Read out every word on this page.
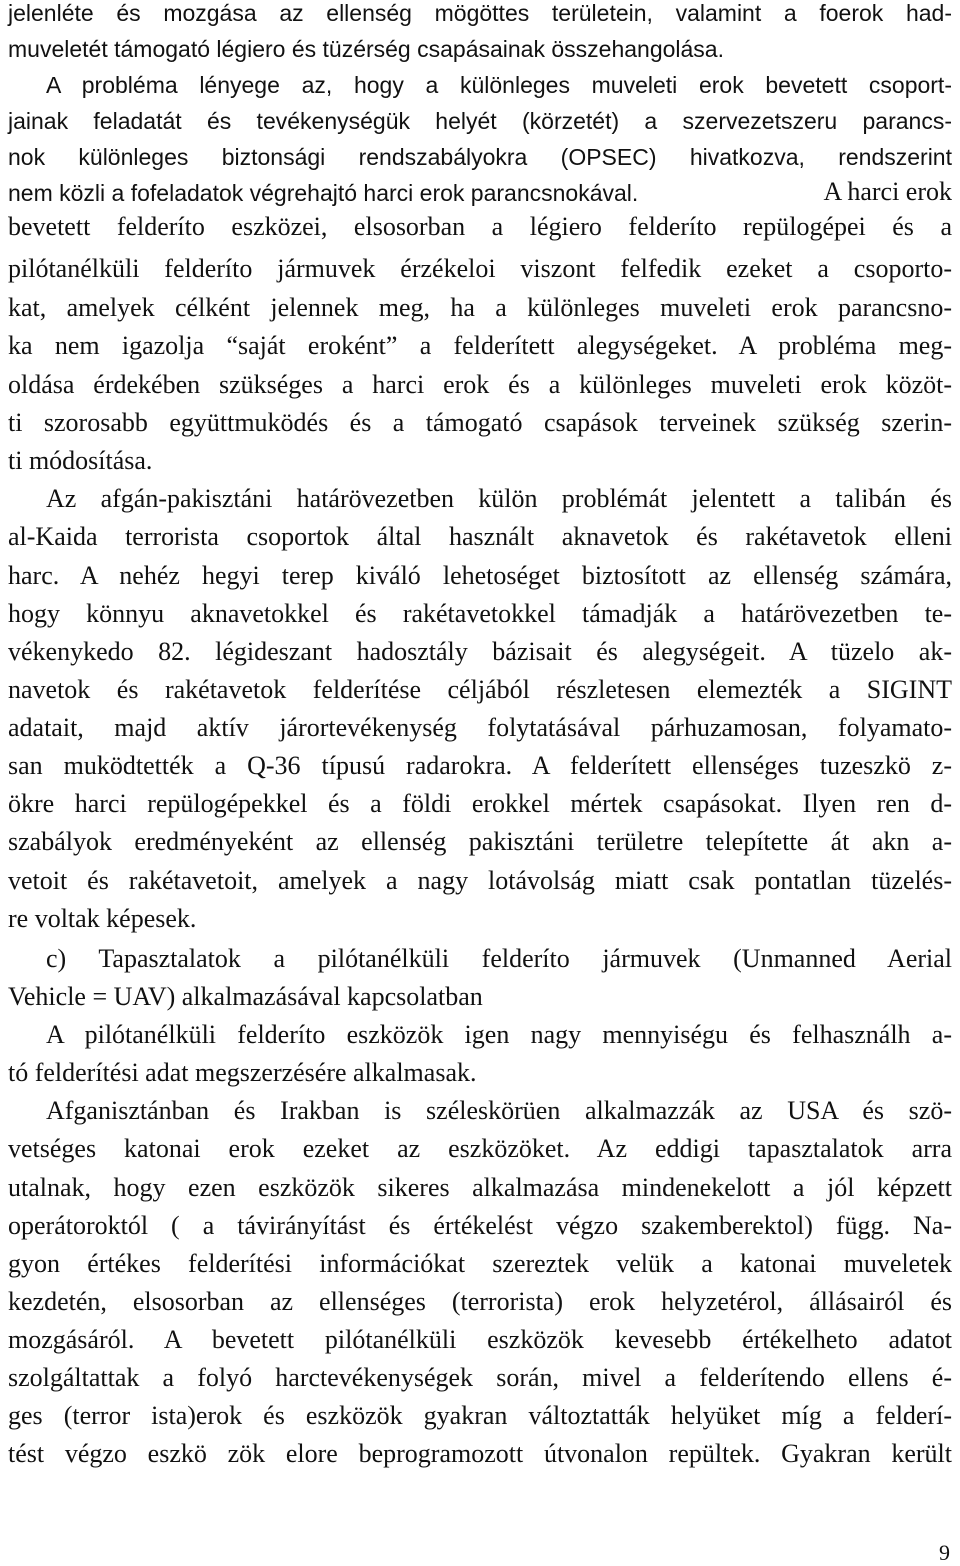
jelenléte és mozgása az ellenség mögöttes területein, valamint a foerok had-

muveletét támogató légiero és tüzérség csapásainak összehangolása.

A probléma lényege az, hogy a különleges muveleti erok bevetett csoport-

jainak feladatát és tevékenységük helyét (körzetét) a szervezetszeru parancs-

nok különleges biztonsági rendszabályokra (OPSEC) hivatkozva, rendszerint

nem közli a fofeladatok végrehajtó harci erok parancsnokával.	A harci erok

bevetett felderíto eszközei, elsosorban a légiero felderíto repülogépei és a

pilótanélküli felderíto jármuvek érzékeloi viszont felfedik ezeket a csoporto-

kat, amelyek célként jelennek meg, ha a különleges muveleti erok parancsno-

ka nem igazolja “saját eroként” a felderített alegységeket. A probléma meg-

oldása érdekében szükséges a harci erok és a különleges muveleti erok közöt-

ti szorosabb együttmuködés és a támogató csapások terveinek szükség szerin-

ti módosítása.

Az afgán-pakisztáni határövezetben külön problémát jelentett a talibán és

al-Kaida terrorista csoportok által használt aknavetok és rakétavetok elleni

harc. A nehéz hegyi terep kiváló lehetoséget biztosított az ellenség számára,

hogy könnyu aknavetokkel és rakétavetokkel támadják a határövezetben te-

vékenykedo 82. légideszant hadosztály bázisait és alegységeit. A tüzelo ak-

navetok és rakétavetok felderítése céljából részletesen elemezték a SIGINT

adatait, majd aktív járortevékenység folytatásával párhuzamosan, folyamato-

san muködtették a Q-36 típusú radarokra. A felderített ellenséges tuzeszkö z-

ökre harci repülogépekkel és a földi erokkel mértek csapásokat. Ilyen ren d-

szabályok eredményeként az ellenség pakisztáni területre telepítette át akn a-

vetoit és rakétavetoit, amelyek a nagy lotávolság miatt csak pontatlan tüzelés-

re voltak képesek.

c) Tapasztalatok a pilótanélküli felderíto jármuvek (Unmanned Aerial

Vehicle = UAV) alkalmazásával kapcsolatban

A pilótanélküli felderíto eszközök igen nagy mennyiségu és felhasználh a-

tó felderítési adat megszerzésére alkalmasak.

Afganisztánban és Irakban is széleskörüen alkalmazzák az USA és szö-

vetséges katonai erok ezeket az eszközöket. Az eddigi tapasztalatok arra

utalnak, hogy ezen eszközök sikeres alkalmazása mindenekelott a jól képzett

operátoroktól ( a távirányítást és értékelést végzo szakemberektol) függ. Na-

gyon értékes felderítési információkat szereztek velük a katonai muveletek

kezdetén, elsosorban az ellenséges (terrorista) erok helyzetérol, állásairól és

mozgásáról. A bevetett pilótanélküli eszközök kevesebb értékelheto adatot

szolgáltattak a folyó harctevékenységek során, mivel a felderítendo ellens é-

ges (terror ista)erok és eszközök gyakran változtatták helyüket míg a felderí-

tést végzo eszkö zök elore beprogramozott útvonalon repültek. Gyakran került

9
